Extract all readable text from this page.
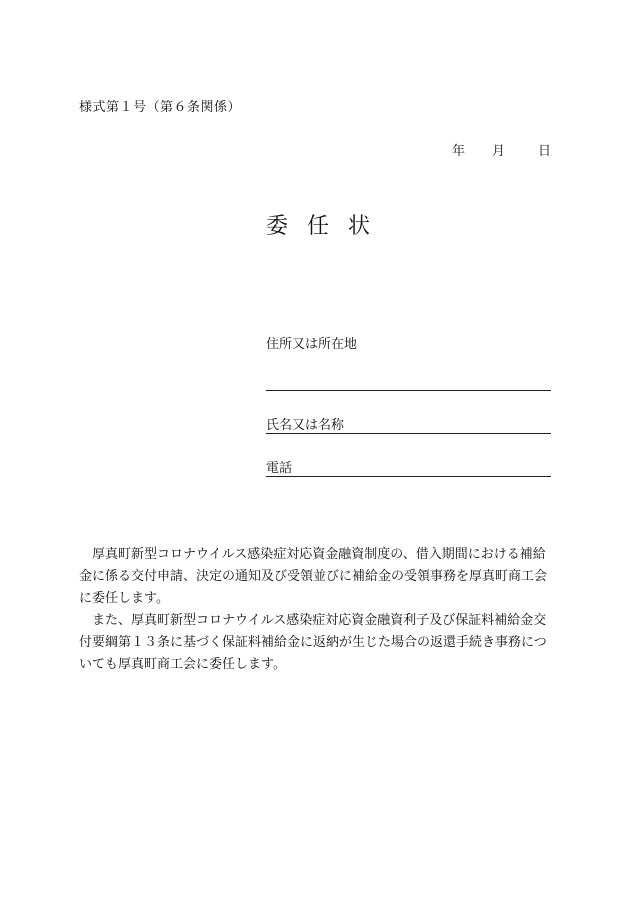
様式第１号（第６条関係）
年	月	日
委任状
住所又は所在地
氏名又は名称
電話

厚真町新型コロナウイルス感染症対応資金融資制度の、借入期間における補給金に係る交付申請、決定の通知及び受領並びに補給金の受領事務を厚真町商工会に委任します。

また、厚真町新型コロナウイルス感染症対応資金融資利子及び保証料補給金交付要綱第１３条に基づく保証料補給金に返納が生じた場合の返還手続き事務についても厚真町商工会に委任します。
